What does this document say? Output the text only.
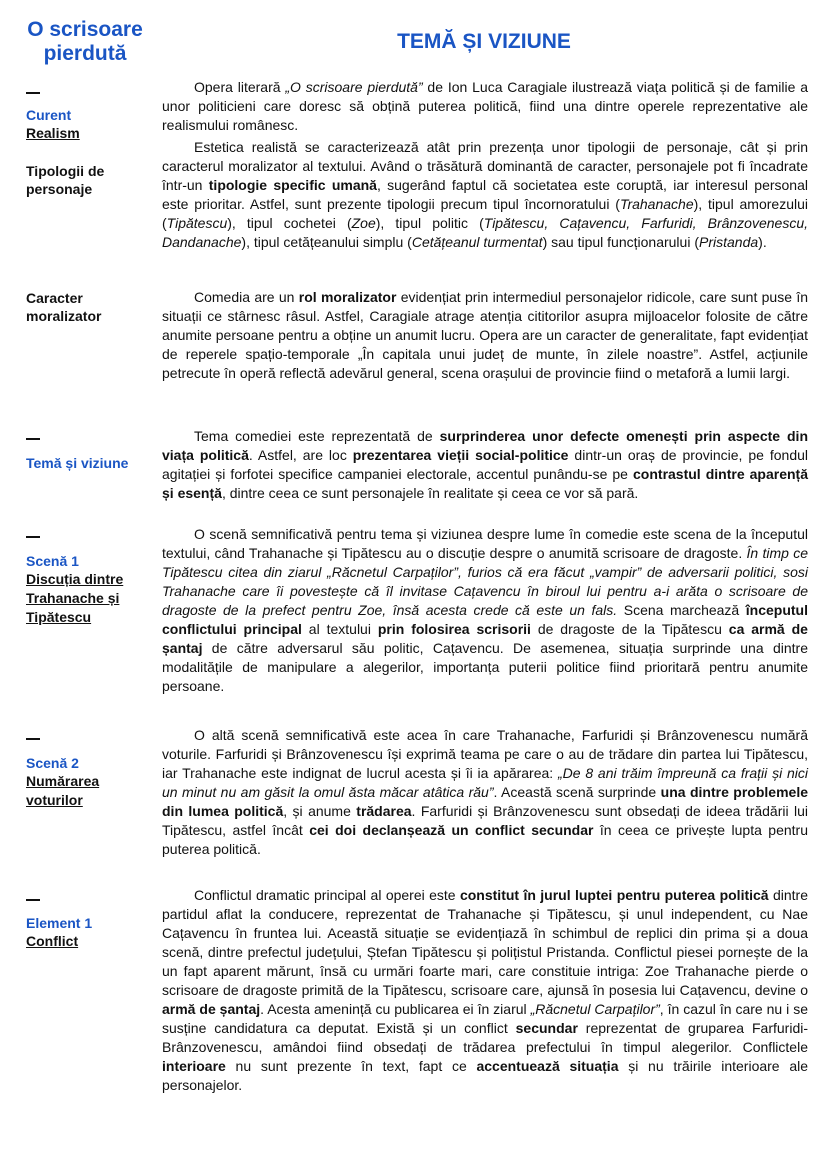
O scrisoare pierdută
TEMĂ ȘI VIZIUNE
Curent
Realism
Tipologii de personaje
Caracter moralizator
Temă și viziune
Scenă 1
Discuția dintre Trahanache și Tipătescu
Scenă 2
Numărarea voturilor
Element 1
Conflict
Opera literară „O scrisoare pierdută” de Ion Luca Caragiale ilustrează viața politică și de familie a unor politicieni care doresc să obțină puterea politică, fiind una dintre operele reprezentative ale realismului românesc.
Estetica realistă se caracterizează atât prin prezența unor tipologii de personaje, cât și prin caracterul moralizator al textului. Având o trăsătură dominantă de caracter, personajele pot fi încadrate într-un tipologie specific umană, sugerând faptul că societatea este coruptă, iar interesul personal este prioritar. Astfel, sunt prezente tipologii precum tipul încornoratului (Trahanache), tipul amorezului (Tipătescu), tipul cochetei (Zoe), tipul politic (Tipătescu, Cațavencu, Farfuridi, Brânzovenescu, Dandanache), tipul cetățeanului simplu (Cetățeanul turmentat) sau tipul funcționarului (Pristanda).
Comedia are un rol moralizator evidențiat prin intermediul personajelor ridicole, care sunt puse în situații ce stârnesc râsul. Astfel, Caragiale atrage atenția cititorilor asupra mijloacelor folosite de către anumite persoane pentru a obține un anumit lucru. Opera are un caracter de generalitate, fapt evidențiat de reperele spațio-temporale „În capitala unui județ de munte, în zilele noastre”. Astfel, acțiunile petrecute în operă reflectă adevărul general, scena orașului de provincie fiind o metaforă a lumii largi.
Tema comediei este reprezentată de surprinderea unor defecte omenești prin aspecte din viața politică. Astfel, are loc prezentarea vieții social-politice dintr-un oraș de provincie, pe fondul agitației și forfotei specifice campaniei electorale, accentul punându-se pe contrastul dintre aparență și esență, dintre ceea ce sunt personajele în realitate și ceea ce vor să pară.
O scenă semnificativă pentru tema și viziunea despre lume în comedie este scena de la începutul textului, când Trahanache și Tipătescu au o discuție despre o anumită scrisoare de dragoste. În timp ce Tipătescu citea din ziarul „Răcnetul Carpaților”, furios că era făcut „vampir” de adversarii politici, sosi Trahanache care îi povestește că îl invitase Cațavencu în biroul lui pentru a-i arăta o scrisoare de dragoste de la prefect pentru Zoe, însă acesta crede că este un fals. Scena marchează începutul conflictului principal al textului prin folosirea scrisorii de dragoste de la Tipătescu ca armă de șantaj de către adversarul său politic, Cațavencu. De asemenea, situația surprinde una dintre modalitățile de manipulare a alegerilor, importanța puterii politice fiind prioritară pentru anumite persoane.
O altă scenă semnificativă este acea în care Trahanache, Farfuridi și Brânzovenescu numără voturile. Farfuridi și Brânzovenescu își exprimă teama pe care o au de trădare din partea lui Tipătescu, iar Trahanache este indignat de lucrul acesta și îi ia apărarea: „De 8 ani trăim împreună ca frații și nici un minut nu am găsit la omul ăsta măcar atâtica rău”. Această scenă surprinde una dintre problemele din lumea politică, și anume trădarea. Farfuridi și Brânzovenescu sunt obsedați de ideea trădării lui Tipătescu, astfel încât cei doi declanșează un conflict secundar în ceea ce privește lupta pentru puterea politică.
Conflictul dramatic principal al operei este constitut în jurul luptei pentru puterea politică dintre partidul aflat la conducere, reprezentat de Trahanache și Tipătescu, și unul independent, cu Nae Cațavencu în fruntea lui. Această situație se evidențiază în schimbul de replici din prima și a doua scenă, dintre prefectul județului, Ștefan Tipătescu și polițistul Pristanda. Conflictul piesei pornește de la un fapt aparent mărunt, însă cu urmări foarte mari, care constituie intriga: Zoe Trahanache pierde o scrisoare de dragoste primită de la Tipătescu, scrisoare care, ajunsă în posesia lui Cațavencu, devine o armă de șantaj. Acesta amenință cu publicarea ei în ziarul „Răcnetul Carpaților”, în cazul în care nu i se susține candidatura ca deputat. Există și un conflict secundar reprezentat de gruparea Farfuridi-Brânzovenescu, amândoi fiind obsedați de trădarea prefectului în timpul alegerilor. Conflictele interioare nu sunt prezente în text, fapt ce accentuează situația și nu trăirile interioare ale personajelor.
